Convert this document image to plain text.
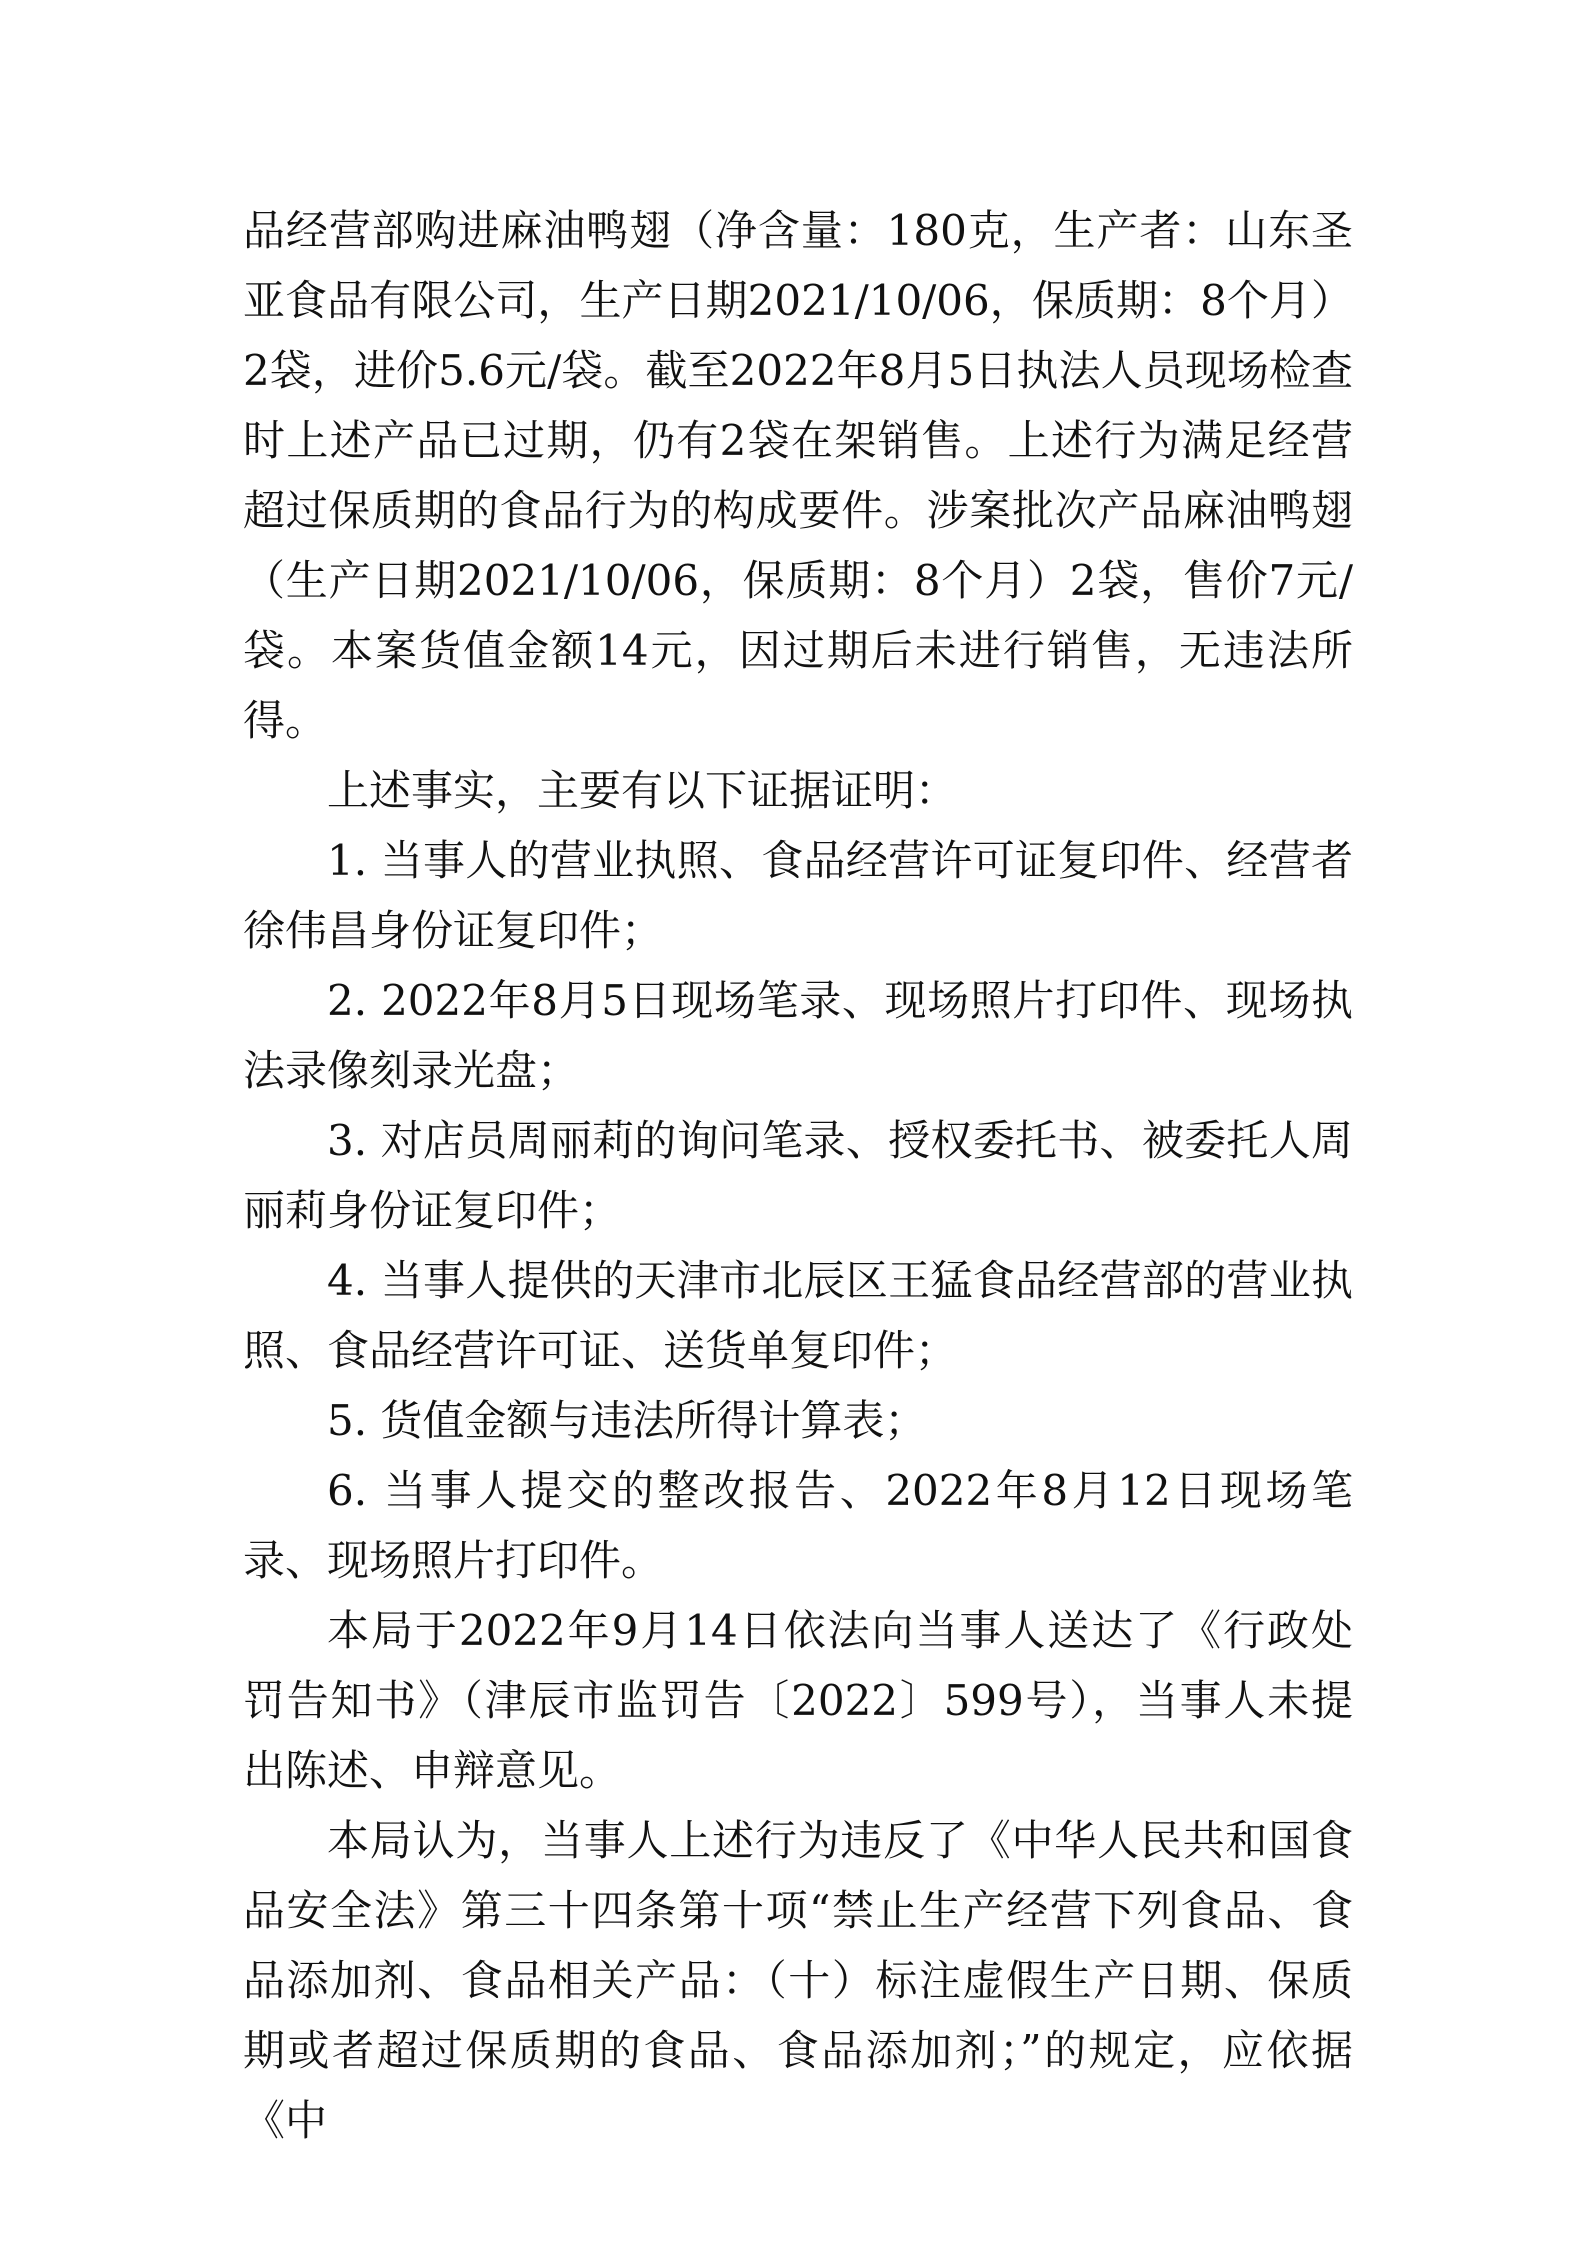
品经营部购进麻油鸭翅（净含量：180克，生产者：山东圣亚食品有限公司，生产日期2021/10/06，保质期：8个月）2袋，进价5.6元/袋。截至2022年8月5日执法人员现场检查时上述产品已过期，仍有2袋在架销售。上述行为满足经营超过保质期的食品行为的构成要件。涉案批次产品麻油鸭翅（生产日期2021/10/06，保质期：8个月）2袋，售价7元/袋。本案货值金额14元，因过期后未进行销售，无违法所得。

上述事实，主要有以下证据证明：

1. 当事人的营业执照、食品经营许可证复印件、经营者徐伟昌身份证复印件；

2. 2022年8月5日现场笔录、现场照片打印件、现场执法录像刻录光盘；

3. 对店员周丽莉的询问笔录、授权委托书、被委托人周丽莉身份证复印件；

4. 当事人提供的天津市北辰区王猛食品经营部的营业执照、食品经营许可证、送货单复印件；

5. 货值金额与违法所得计算表；

6. 当事人提交的整改报告、2022年8月12日现场笔录、现场照片打印件。

本局于2022年9月14日依法向当事人送达了《行政处罚告知书》（津辰市监罚告〔2022〕599号），当事人未提出陈述、申辩意见。

本局认为，当事人上述行为违反了《中华人民共和国食品安全法》第三十四条第十项“禁止生产经营下列食品、食品添加剂、食品相关产品：（十）标注虚假生产日期、保质期或者超过保质期的食品、食品添加剂；”的规定，应依据《中
